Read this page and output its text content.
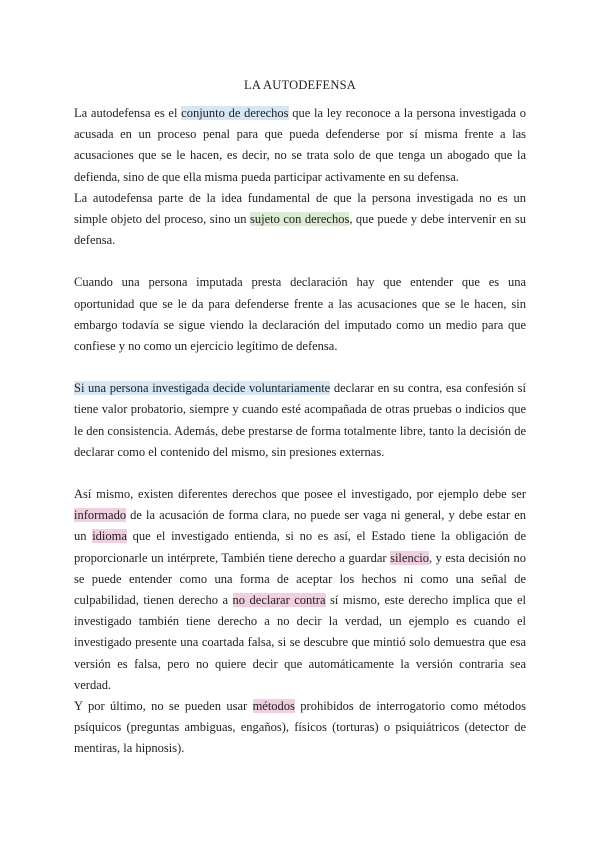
LA AUTODEFENSA

La autodefensa es el conjunto de derechos que la ley reconoce a la persona investigada o acusada en un proceso penal para que pueda defenderse por sí misma frente a las acusaciones que se le hacen, es decir, no se trata solo de que tenga un abogado que la defienda, sino de que ella misma pueda participar activamente en su defensa.

La autodefensa parte de la idea fundamental de que la persona investigada no es un simple objeto del proceso, sino un sujeto con derechos, que puede y debe intervenir en su defensa.

Cuando una persona imputada presta declaración hay que entender que es una oportunidad que se le da para defenderse frente a las acusaciones que se le hacen, sin embargo todavía se sigue viendo la declaración del imputado como un medio para que confiese y no como un ejercicio legítimo de defensa.

Si una persona investigada decide voluntariamente declarar en su contra, esa confesión sí tiene valor probatorio, siempre y cuando esté acompañada de otras pruebas o indicios que le den consistencia. Además, debe prestarse de forma totalmente libre, tanto la decisión de declarar como el contenido del mismo, sin presiones externas.

Así mismo, existen diferentes derechos que posee el investigado, por ejemplo debe ser informado de la acusación de forma clara, no puede ser vaga ni general, y debe estar en un idioma que el investigado entienda, si no es así, el Estado tiene la obligación de proporcionarle un intérprete, También tiene derecho a guardar silencio, y esta decisión no se puede entender como una forma de aceptar los hechos ni como una señal de culpabilidad, tienen derecho a no declarar contra sí mismo, este derecho implica que el investigado también tiene derecho a no decir la verdad, un ejemplo es cuando el investigado presente una coartada falsa, si se descubre que mintió solo demuestra que esa versión es falsa, pero no quiere decir que automáticamente la versión contraria sea verdad.

Y por último, no se pueden usar métodos prohibidos de interrogatorio como métodos psíquicos (preguntas ambiguas, engaños), físicos (torturas) o psiquiátricos (detector de mentiras, la hipnosis).
